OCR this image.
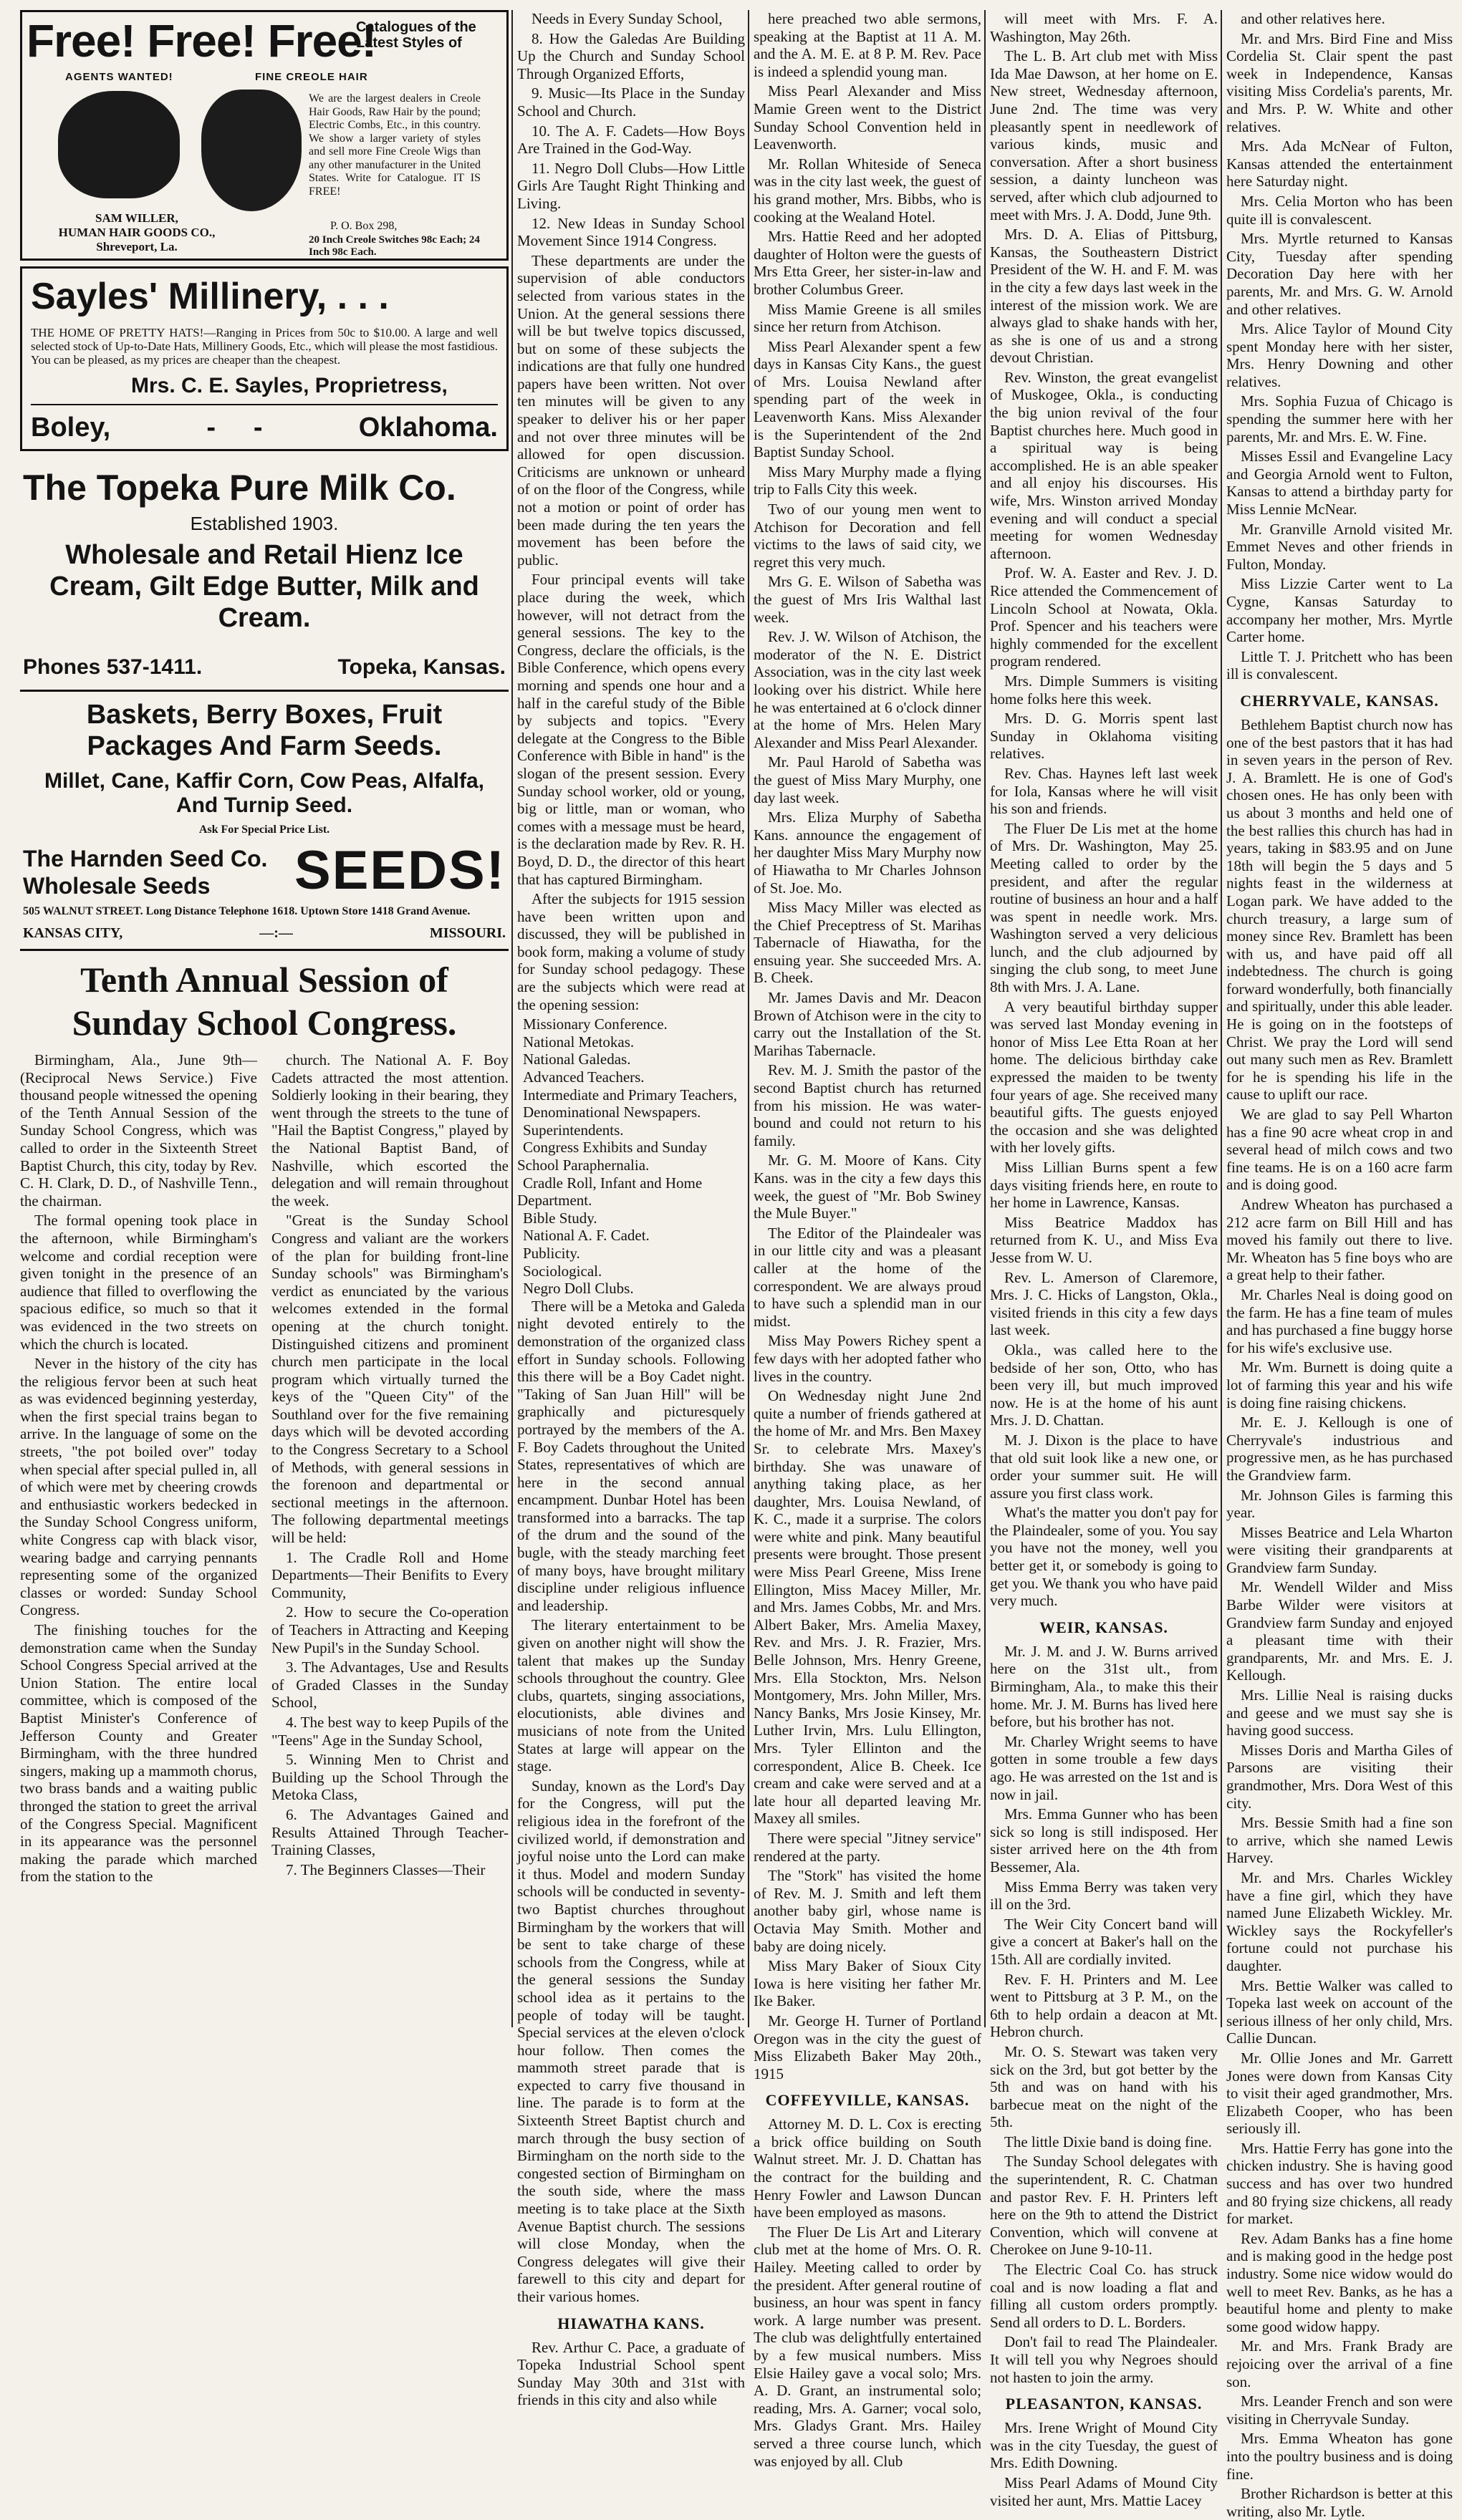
Free! Free! Free!
Catalogues of the Latest Styles of
AGENTS WANTED!	FINE CREOLE HAIR
We are the largest dealers in Creole Hair Goods, Raw Hair by the pound; Electric Combs, Etc., in this country. We show a larger variety of styles and sell more Fine Creole Wigs than any other manufacturer in the United States. Write for Catalogue. IT IS FREE!
P. O. Box 298,
SAM WILLER,
HUMAN HAIR GOODS CO.,
Shreveport, La.	20 Inch Creole Switches 98c Each; 24 Inch 98c Each.
Sayles' Millinery, . . .
THE HOME OF PRETTY HATS!—Ranging in Prices from 50c to $10.00. A large and well selected stock of Up-to-Date Hats, Millinery Goods, Etc., which will please the most fastidious. You can be pleased, as my prices are cheaper than the cheapest.
Mrs. C. E. Sayles, Proprietress,
Boley,	-     -	Oklahoma.
The Topeka Pure Milk Co.
Established 1903.
Wholesale and Retail Hienz Ice Cream, Gilt Edge Butter, Milk and Cream.
Phones 537-1411.	Topeka, Kansas.
Baskets, Berry Boxes, Fruit Packages And Farm Seeds.
Millet, Cane, Kaffir Corn, Cow Peas, Alfalfa, And Turnip Seed.
Ask For Special Price List.
The Harnden Seed Co. Wholesale Seeds	SEEDS!
505 WALNUT STREET. Long Distance Telephone 1618. Uptown Store 1418 Grand Avenue.
KANSAS CITY,	—:—	MISSOURI.
Tenth Annual Session of Sunday School Congress.

Birmingham, Ala., June 9th—(Reciprocal News Service.) Five thousand people witnessed the opening of the Tenth Annual Session of the Sunday School Congress, which was called to order in the Sixteenth Street Baptist Church, this city, today by Rev. C. H. Clark, D. D., of Nashville Tenn., the chairman.

The formal opening took place in the afternoon, while Birmingham's welcome and cordial reception were given tonight in the presence of an audience that filled to overflowing the spacious edifice, so much so that it was evidenced in the two streets on which the church is located.

Never in the history of the city has the religious fervor been at such heat as was evidenced beginning yesterday, when the first special trains began to arrive. In the language of some on the streets, "the pot boiled over" today when special after special pulled in, all of which were met by cheering crowds and enthusiastic workers bedecked in the Sunday School Congress uniform, white Congress cap with black visor, wearing badge and carrying pennants representing some of the organized classes or worded: Sunday School Congress.

The finishing touches for the demonstration came when the Sunday School Congress Special arrived at the Union Station. The entire local committee, which is composed of the Baptist Minister's Conference of Jefferson County and Greater Birmingham, with the three hundred singers, making up a mammoth chorus, two brass bands and a waiting public thronged the station to greet the arrival of the Congress Special. Magnificent in its appearance was the personnel making the parade which marched from the station to the

church. The National A. F. Boy Cadets attracted the most attention. Soldierly looking in their bearing, they went through the streets to the tune of "Hail the Baptist Congress," played by the National Baptist Band, of Nashville, which escorted the delegation and will remain throughout the week.

"Great is the Sunday School Congress and valiant are the workers of the plan for building front-line Sunday schools" was Birmingham's verdict as enunciated by the various welcomes extended in the formal opening at the church tonight. Distinguished citizens and prominent church men participate in the local program which virtually turned the keys of the "Queen City" of the Southland over for the five remaining days which will be devoted according to the Congress Secretary to a School of Methods, with general sessions in the forenoon and departmental or sectional meetings in the afternoon. The following departmental meetings will be held:

1. The Cradle Roll and Home Departments—Their Benifits to Every Community,

2. How to secure the Co-operation of Teachers in Attracting and Keeping New Pupil's in the Sunday School.

3. The Advantages, Use and Results of Graded Classes in the Sunday School,

4. The best way to keep Pupils of the "Teens" Age in the Sunday School,

5. Winning Men to Christ and Building up the School Through the Metoka Class,

6. The Advantages Gained and Results Attained Through Teacher-Training Classes,

7. The Beginners Classes—Their

Needs in Every Sunday School,

8. How the Galedas Are Building Up the Church and Sunday School Through Organized Efforts,

9. Music—Its Place in the Sunday School and Church.

10. The A. F. Cadets—How Boys Are Trained in the God-Way.

11. Negro Doll Clubs—How Little Girls Are Taught Right Thinking and Living.

12. New Ideas in Sunday School Movement Since 1914 Congress.

These departments are under the supervision of able conductors selected from various states in the Union. At the general sessions there will be but twelve topics discussed, but on some of these subjects the indications are that fully one hundred papers have been written. Not over ten minutes will be given to any speaker to deliver his or her paper and not over three minutes will be allowed for open discussion. Criticisms are unknown or unheard of on the floor of the Congress, while not a motion or point of order has been made during the ten years the movement has been before the public.

Four principal events will take place during the week, which however, will not detract from the general sessions. The key to the Congress, declare the officials, is the Bible Conference, which opens every morning and spends one hour and a half in the careful study of the Bible by subjects and topics. "Every delegate at the Congress to the Bible Conference with Bible in hand" is the slogan of the present session. Every Sunday school worker, old or young, big or little, man or woman, who comes with a message must be heard, is the declaration made by Rev. R. H. Boyd, D. D., the director of this heart that has captured Birmingham.

After the subjects for 1915 session have been written upon and discussed, they will be published in book form, making a volume of study for Sunday school pedagogy. These are the subjects which were read at the opening session:

Missionary Conference.

National Metokas.

National Galedas.

Advanced Teachers.

Intermediate and Primary Teachers,

Denominational Newspapers.

Superintendents.

Congress Exhibits and Sunday School Paraphernalia.

Cradle Roll, Infant and Home Department.

Bible Study.

National A. F. Cadet.

Publicity.

Sociological.

Negro Doll Clubs.

There will be a Metoka and Galeda night devoted entirely to the demonstration of the organized class effort in Sunday schools. Following this there will be a Boy Cadet night. "Taking of San Juan Hill" will be graphically and picturesquely portrayed by the members of the A. F. Boy Cadets throughout the United States, representatives of which are here in the second annual encampment. Dunbar Hotel has been transformed into a barracks. The tap of the drum and the sound of the bugle, with the steady marching feet of many boys, have brought military discipline under religious influence and leadership.

The literary entertainment to be given on another night will show the talent that makes up the Sunday schools throughout the country. Glee clubs, quartets, singing associations, elocutionists, able divines and musicians of note from the United States at large will appear on the stage.

Sunday, known as the Lord's Day for the Congress, will put the religious idea in the forefront of the civilized world, if demonstration and joyful noise unto the Lord can make it thus. Model and modern Sunday schools will be conducted in seventy-two Baptist churches throughout Birmingham by the workers that will be sent to take charge of these schools from the Congress, while at the general sessions the Sunday school idea as it pertains to the people of today will be taught. Special services at the eleven o'clock hour follow. Then comes the mammoth street parade that is expected to carry five thousand in line. The parade is to form at the Sixteenth Street Baptist church and march through the busy section of Birmingham on the north side to the congested section of Birmingham on the south side, where the mass meeting is to take place at the Sixth Avenue Baptist church. The sessions will close Monday, when the Congress delegates will give their farewell to this city and depart for their various homes.

HIAWATHA KANS.

Rev. Arthur C. Pace, a graduate of Topeka Industrial School spent Sunday May 30th and 31st with friends in this city and also while

here preached two able sermons, speaking at the Baptist at 11 A. M. and the A. M. E. at 8 P. M. Rev. Pace is indeed a splendid young man.

Miss Pearl Alexander and Miss Mamie Green went to the District Sunday School Convention held in Leavenworth.

Mr. Rollan Whiteside of Seneca was in the city last week, the guest of his grand mother, Mrs. Bibbs, who is cooking at the Wealand Hotel.

Mrs. Hattie Reed and her adopted daughter of Holton were the guests of Mrs Etta Greer, her sister-in-law and brother Columbus Greer.

Miss Mamie Greene is all smiles since her return from Atchison.

Miss Pearl Alexander spent a few days in Kansas City Kans., the guest of Mrs. Louisa Newland after spending part of the week in Leavenworth Kans. Miss Alexander is the Superintendent of the 2nd Baptist Sunday School.

Miss Mary Murphy made a flying trip to Falls City this week.

Two of our young men went to Atchison for Decoration and fell victims to the laws of said city, we regret this very much.

Mrs G. E. Wilson of Sabetha was the guest of Mrs Iris Walthal last week.

Rev. J. W. Wilson of Atchison, the moderator of the N. E. District Association, was in the city last week looking over his district. While here he was entertained at 6 o'clock dinner at the home of Mrs. Helen Mary Alexander and Miss Pearl Alexander.

Mr. Paul Harold of Sabetha was the guest of Miss Mary Murphy, one day last week.

Mrs. Eliza Murphy of Sabetha Kans. announce the engagement of her daughter Miss Mary Murphy now of Hiawatha to Mr Charles Johnson of St. Joe. Mo.

Miss Macy Miller was elected as the Chief Preceptress of St. Marihas Tabernacle of Hiawatha, for the ensuing year. She succeeded Mrs. A. B. Cheek.

Mr. James Davis and Mr. Deacon Brown of Atchison were in the city to carry out the Installation of the St. Marihas Tabernacle.

Rev. M. J. Smith the pastor of the second Baptist church has returned from his mission. He was water-bound and could not return to his family.

Mr. G. M. Moore of Kans. City Kans. was in the city a few days this week, the guest of "Mr. Bob Swiney the Mule Buyer."

The Editor of the Plaindealer was in our little city and was a pleasant caller at the home of the correspondent. We are always proud to have such a splendid man in our midst.

Miss May Powers Richey spent a few days with her adopted father who lives in the country.

On Wednesday night June 2nd quite a number of friends gathered at the home of Mr. and Mrs. Ben Maxey Sr. to celebrate Mrs. Maxey's birthday. She was unaware of anything taking place, as her daughter, Mrs. Louisa Newland, of K. C., made it a surprise. The colors were white and pink. Many beautiful presents were brought. Those present were Miss Pearl Greene, Miss Irene Ellington, Miss Macey Miller, Mr. and Mrs. James Cobbs, Mr. and Mrs. Albert Baker, Mrs. Amelia Maxey, Rev. and Mrs. J. R. Frazier, Mrs. Belle Johnson, Mrs. Henry Greene, Mrs. Ella Stockton, Mrs. Nelson Montgomery, Mrs. John Miller, Mrs. Nancy Banks, Mrs Josie Kinsey, Mr. Luther Irvin, Mrs. Lulu Ellington, Mrs. Tyler Ellinton and the correspondent, Alice B. Cheek. Ice cream and cake were served and at a late hour all departed leaving Mr. Maxey all smiles.

There were special "Jitney service" rendered at the party.

The "Stork" has visited the home of Rev. M. J. Smith and left them another baby girl, whose name is Octavia May Smith. Mother and baby are doing nicely.

Miss Mary Baker of Sioux City Iowa is here visiting her father Mr. Ike Baker.

Mr. George H. Turner of Portland Oregon was in the city the guest of Miss Elizabeth Baker May 20th., 1915

COFFEYVILLE, KANSAS.

Attorney M. D. L. Cox is erecting a brick office building on South Walnut street. Mr. J. D. Chattan has the contract for the building and Henry Fowler and Lawson Duncan have been employed as masons.

The Fluer De Lis Art and Literary club met at the home of Mrs. O. R. Hailey. Meeting called to order by the president. After general routine of business, an hour was spent in fancy work. A large number was present. The club was delightfully entertained by a few musical numbers. Miss Elsie Hailey gave a vocal solo; Mrs. A. D. Grant, an instrumental solo; reading, Mrs. A. Garner; vocal solo, Mrs. Gladys Grant. Mrs. Hailey served a three course lunch, which was enjoyed by all. Club

will meet with Mrs. F. A. Washington, May 26th.

The L. B. Art club met with Miss Ida Mae Dawson, at her home on E. New street, Wednesday afternoon, June 2nd. The time was very pleasantly spent in needlework of various kinds, music and conversation. After a short business session, a dainty luncheon was served, after which club adjourned to meet with Mrs. J. A. Dodd, June 9th.

Mrs. D. A. Elias of Pittsburg, Kansas, the Southeastern District President of the W. H. and F. M. was in the city a few days last week in the interest of the mission work. We are always glad to shake hands with her, as she is one of us and a strong devout Christian.

Rev. Winston, the great evangelist of Muskogee, Okla., is conducting the big union revival of the four Baptist churches here. Much good in a spiritual way is being accomplished. He is an able speaker and all enjoy his discourses. His wife, Mrs. Winston arrived Monday evening and will conduct a special meeting for women Wednesday afternoon.

Prof. W. A. Easter and Rev. J. D. Rice attended the Commencement of Lincoln School at Nowata, Okla. Prof. Spencer and his teachers were highly commended for the excellent program rendered.

Mrs. Dimple Summers is visiting home folks here this week.

Mrs. D. G. Morris spent last Sunday in Oklahoma visiting relatives.

Rev. Chas. Haynes left last week for Iola, Kansas where he will visit his son and friends.

The Fluer De Lis met at the home of Mrs. Dr. Washington, May 25. Meeting called to order by the president, and after the regular routine of business an hour and a half was spent in needle work. Mrs. Washington served a very delicious lunch, and the club adjourned by singing the club song, to meet June 8th with Mrs. J. A. Lane.

A very beautiful birthday supper was served last Monday evening in honor of Miss Lee Etta Roan at her home. The delicious birthday cake expressed the maiden to be twenty four years of age. She received many beautiful gifts. The guests enjoyed the occasion and she was delighted with her lovely gifts.

Miss Lillian Burns spent a few days visiting friends here, en route to her home in Lawrence, Kansas.

Miss Beatrice Maddox has returned from K. U., and Miss Eva Jesse from W. U.

Rev. L. Amerson of Claremore, Mrs. J. C. Hicks of Langston, Okla., visited friends in this city a few days last week.

Okla., was called here to the bedside of her son, Otto, who has been very ill, but much improved now. He is at the home of his aunt Mrs. J. D. Chattan.

M. J. Dixon is the place to have that old suit look like a new one, or order your summer suit. He will assure you first class work.

What's the matter you don't pay for the Plaindealer, some of you. You say you have not the money, well you better get it, or somebody is going to get you. We thank you who have paid very much.

WEIR, KANSAS.

Mr. J. M. and J. W. Burns arrived here on the 31st ult., from Birmingham, Ala., to make this their home. Mr. J. M. Burns has lived here before, but his brother has not.

Mr. Charley Wright seems to have gotten in some trouble a few days ago. He was arrested on the 1st and is now in jail.

Mrs. Emma Gunner who has been sick so long is still indisposed. Her sister arrived here on the 4th from Bessemer, Ala.

Miss Emma Berry was taken very ill on the 3rd.

The Weir City Concert band will give a concert at Baker's hall on the 15th. All are cordially invited.

Rev. F. H. Printers and M. Lee went to Pittsburg at 3 P. M., on the 6th to help ordain a deacon at Mt. Hebron church.

Mr. O. S. Stewart was taken very sick on the 3rd, but got better by the 5th and was on hand with his barbecue meat on the night of the 5th.

The little Dixie band is doing fine.

The Sunday School delegates with the superintendent, R. C. Chatman and pastor Rev. F. H. Printers left here on the 9th to attend the District Convention, which will convene at Cherokee on June 9-10-11.

The Electric Coal Co. has struck coal and is now loading a flat and filling all custom orders promptly. Send all orders to D. L. Borders.

Don't fail to read The Plaindealer. It will tell you why Negroes should not hasten to join the army.

PLEASANTON, KANSAS.

Mrs. Irene Wright of Mound City was in the city Tuesday, the guest of Mrs. Edith Downing.

Miss Pearl Adams of Mound City visited her aunt, Mrs. Mattie Lacey

and other relatives here.

Mr. and Mrs. Bird Fine and Miss Cordelia St. Clair spent the past week in Independence, Kansas visiting Miss Cordelia's parents, Mr. and Mrs. P. W. White and other relatives.

Mrs. Ada McNear of Fulton, Kansas attended the entertainment here Saturday night.

Mrs. Celia Morton who has been quite ill is convalescent.

Mrs. Myrtle returned to Kansas City, Tuesday after spending Decoration Day here with her parents, Mr. and Mrs. G. W. Arnold and other relatives.

Mrs. Alice Taylor of Mound City spent Monday here with her sister, Mrs. Henry Downing and other relatives.

Mrs. Sophia Fuzua of Chicago is spending the summer here with her parents, Mr. and Mrs. E. W. Fine.

Misses Essil and Evangeline Lacy and Georgia Arnold went to Fulton, Kansas to attend a birthday party for Miss Lennie McNear.

Mr. Granville Arnold visited Mr. Emmet Neves and other friends in Fulton, Monday.

Miss Lizzie Carter went to La Cygne, Kansas Saturday to accompany her mother, Mrs. Myrtle Carter home.

Little T. J. Pritchett who has been ill is convalescent.

CHERRYVALE, KANSAS.

Bethlehem Baptist church now has one of the best pastors that it has had in seven years in the person of Rev. J. A. Bramlett. He is one of God's chosen ones. He has only been with us about 3 months and held one of the best rallies this church has had in years, taking in $83.95 and on June 18th will begin the 5 days and 5 nights feast in the wilderness at Logan park. We have added to the church treasury, a large sum of money since Rev. Bramlett has been with us, and have paid off all indebtedness. The church is going forward wonderfully, both financially and spiritually, under this able leader. He is going on in the footsteps of Christ. We pray the Lord will send out many such men as Rev. Bramlett for he is spending his life in the cause to uplift our race.

We are glad to say Pell Wharton has a fine 90 acre wheat crop in and several head of milch cows and two fine teams. He is on a 160 acre farm and is doing good.

Andrew Wheaton has purchased a 212 acre farm on Bill Hill and has moved his family out there to live. Mr. Wheaton has 5 fine boys who are a great help to their father.

Mr. Charles Neal is doing good on the farm. He has a fine team of mules and has purchased a fine buggy horse for his wife's exclusive use.

Mr. Wm. Burnett is doing quite a lot of farming this year and his wife is doing fine raising chickens.

Mr. E. J. Kellough is one of Cherryvale's industrious and progressive men, as he has purchased the Grandview farm.

Mr. Johnson Giles is farming this year.

Misses Beatrice and Lela Wharton were visiting their grandparents at Grandview farm Sunday.

Mr. Wendell Wilder and Miss Barbe Wilder were visitors at Grandview farm Sunday and enjoyed a pleasant time with their grandparents, Mr. and Mrs. E. J. Kellough.

Mrs. Lillie Neal is raising ducks and geese and we must say she is having good success.

Misses Doris and Martha Giles of Parsons are visiting their grandmother, Mrs. Dora West of this city.

Mrs. Bessie Smith had a fine son to arrive, which she named Lewis Harvey.

Mr. and Mrs. Charles Wickley have a fine girl, which they have named June Elizabeth Wickley. Mr. Wickley says the Rockyfeller's fortune could not purchase his daughter.

Mrs. Bettie Walker was called to Topeka last week on account of the serious illness of her only child, Mrs. Callie Duncan.

Mr. Ollie Jones and Mr. Garrett Jones were down from Kansas City to visit their aged grandmother, Mrs. Elizabeth Cooper, who has been seriously ill.

Mrs. Hattie Ferry has gone into the chicken industry. She is having good success and has over two hundred and 80 frying size chickens, all ready for market.

Rev. Adam Banks has a fine home and is making good in the hedge post industry. Some nice widow would do well to meet Rev. Banks, as he has a beautiful home and plenty to make some good widow happy.

Mr. and Mrs. Frank Brady are rejoicing over the arrival of a fine son.

Mrs. Leander French and son were visiting in Cherryvale Sunday.

Mrs. Emma Wheaton has gone into the poultry business and is doing fine.

Brother Richardson is better at this writing, also Mr. Lytle.
